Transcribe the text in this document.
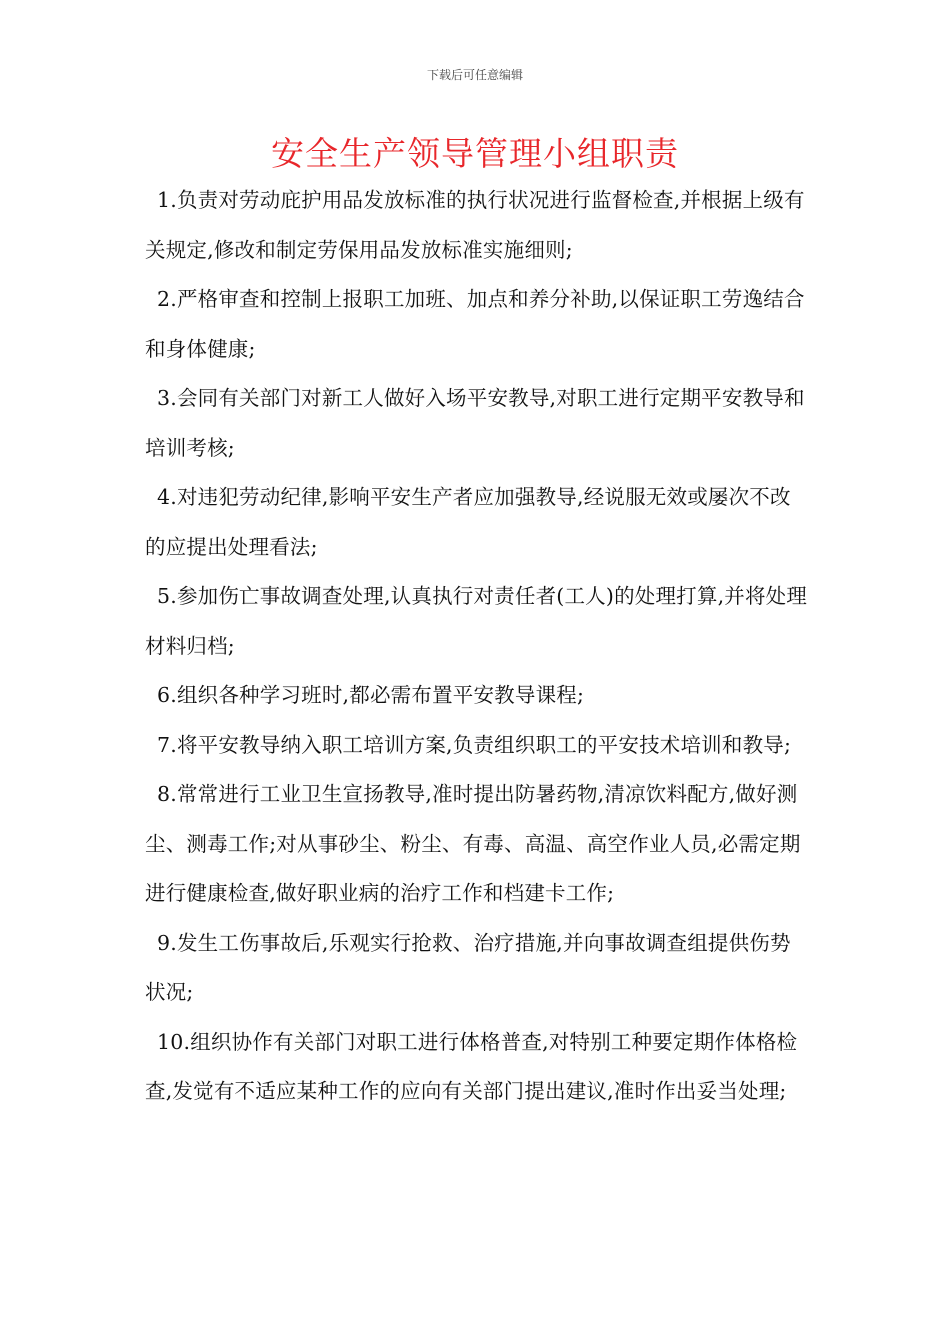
下载后可任意编辑
安全生产领导管理小组职责

1.负责对劳动庇护用品发放标准的执行状况进行监督检查,并根据上级有关规定,修改和制定劳保用品发放标准实施细则;

2.严格审查和控制上报职工加班、加点和养分补助,以保证职工劳逸结合和身体健康;

3.会同有关部门对新工人做好入场平安教导,对职工进行定期平安教导和培训考核;

4.对违犯劳动纪律,影响平安生产者应加强教导,经说服无效或屡次不改的应提出处理看法;

5.参加伤亡事故调查处理,认真执行对责任者(工人)的处理打算,并将处理材料归档;

6.组织各种学习班时,都必需布置平安教导课程;

7.将平安教导纳入职工培训方案,负责组织职工的平安技术培训和教导;

8.常常进行工业卫生宣扬教导,准时提出防暑药物,清凉饮料配方,做好测尘、测毒工作;对从事砂尘、粉尘、有毒、高温、高空作业人员,必需定期进行健康检查,做好职业病的治疗工作和档建卡工作;

9.发生工伤事故后,乐观实行抢救、治疗措施,并向事故调查组提供伤势状况;

10.组织协作有关部门对职工进行体格普查,对特别工种要定期作体格检查,发觉有不适应某种工作的应向有关部门提出建议,准时作出妥当处理;
